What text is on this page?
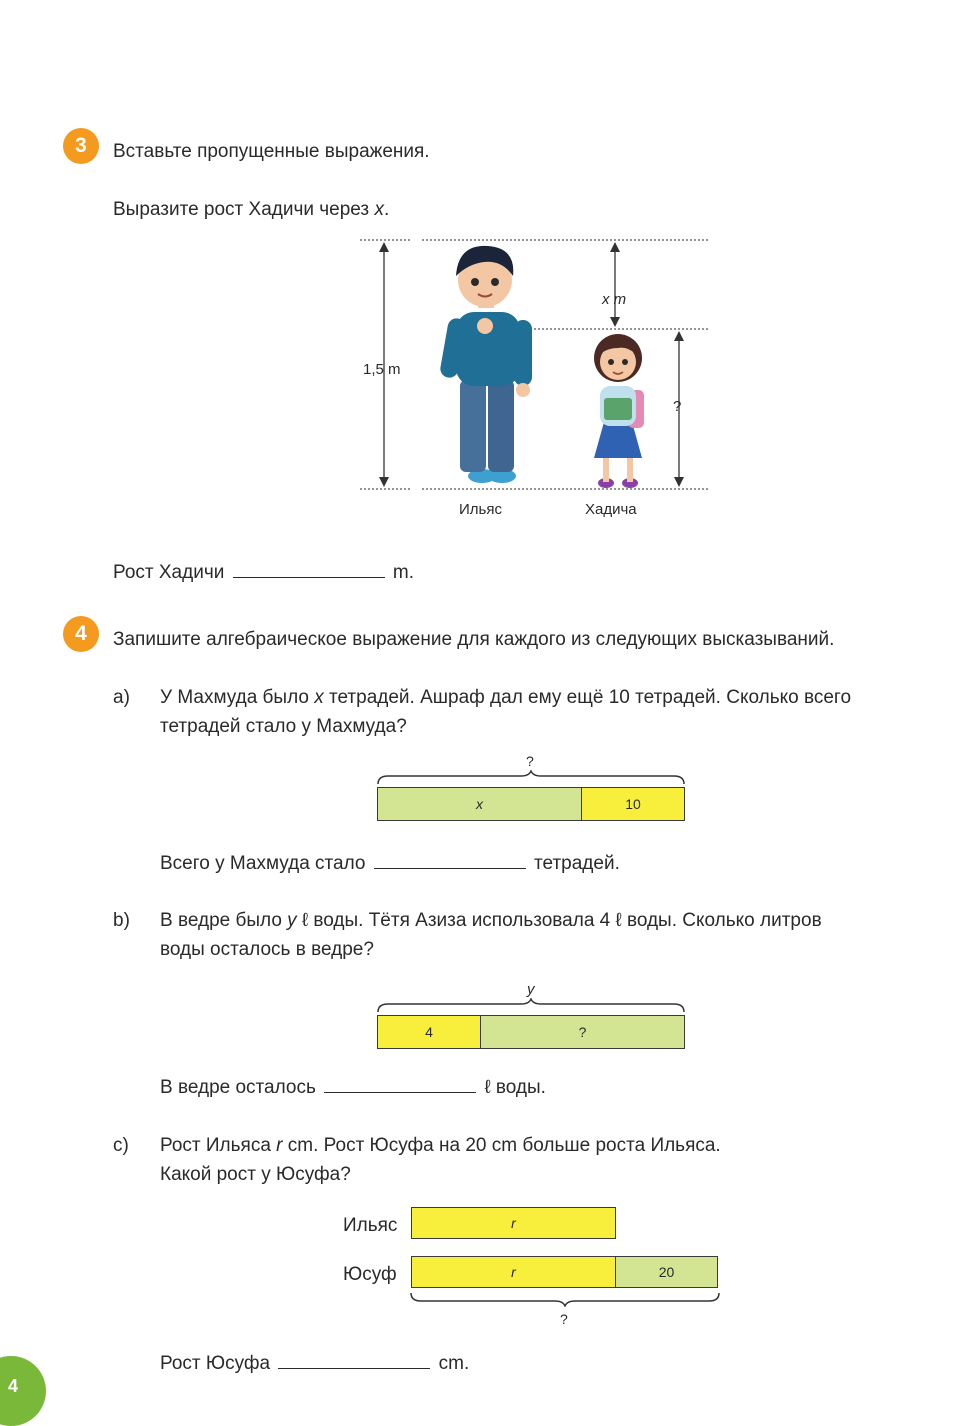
3 Вставьте пропущенные выражения.
Выразите рост Хадичи через x.
1,5 m
x m
?
Ильяс	Хадича
Рост Хадичи	m.
4 Запишите алгебраическое выражение для каждого из следующих высказываний.
a) У Махмуда было x тетрадей. Ашраф дал ему ещё 10 тетрадей. Сколько всего
тетрадей стало у Махмуда?
?
x	10
Всего у Махмуда стало	тетрадей.
b) В ведре было y ℓ воды. Тётя Азиза использовала 4 ℓ воды. Сколько литров
воды осталось в ведре?
y
4	?
В ведре осталось	ℓ воды.
c) Рост Ильяса r cm. Рост Юсуфа на 20 cm больше роста Ильяса.
Какой рост у Юсуфа?
Ильяс	r
Юсуф	r	20
?
Рост Юсуфа	cm.
4
